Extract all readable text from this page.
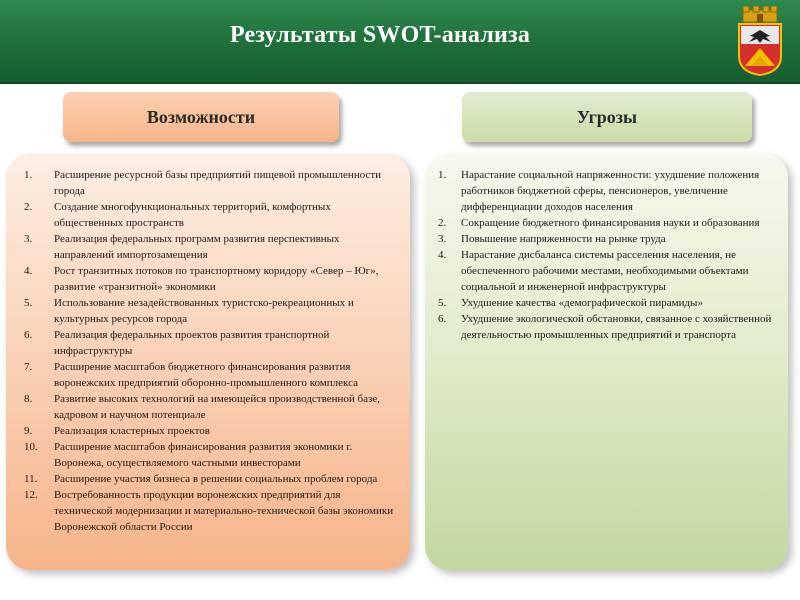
Результаты SWOT-анализа
Возможности	Угрозы
1. Расширение ресурсной базы предприятий пищевой промышленности города
2. Создание многофункциональных территорий, комфортных общественных пространств
3. Реализация федеральных программ развития перспективных направлений импортозамещения
4. Рост транзитных потоков по транспортному коридору «Север – Юг», развитие «транзитной» экономики
5. Использование незадействованных туристско-рекреационных и культурных ресурсов города
6. Реализация федеральных проектов развития транспортной инфраструктуры
7. Расширение масштабов бюджетного финансирования развития воронежских предприятий оборонно-промышленного комплекса
8. Развитие высоких технологий на имеющейся производственной базе, кадровом и научном потенциале
9. Реализация кластерных проектов
10. Расширение масштабов финансирования развития экономики г. Воронежа, осуществляемого частными инвесторами
11. Расширение участия бизнеса в решении социальных проблем города
12. Востребованность продукции воронежских предприятий для технической модернизации и материально-технической базы экономики Воронежской области России
1. Нарастание социальной напряженности: ухудшение положения работников бюджетной сферы, пенсионеров, увеличение дифференциации доходов населения
2. Сокращение бюджетного финансирования науки и образования
3. Повышение напряженности на рынке труда
4. Нарастание дисбаланса системы расселения населения, не обеспеченного рабочими местами, необходимыми объектами социальной и инженерной инфраструктуры
5. Ухудшение качества «демографической пирамиды»
6. Ухудшение экологической обстановки, связанное с хозяйственной деятельностью промышленных предприятий и транспорта
